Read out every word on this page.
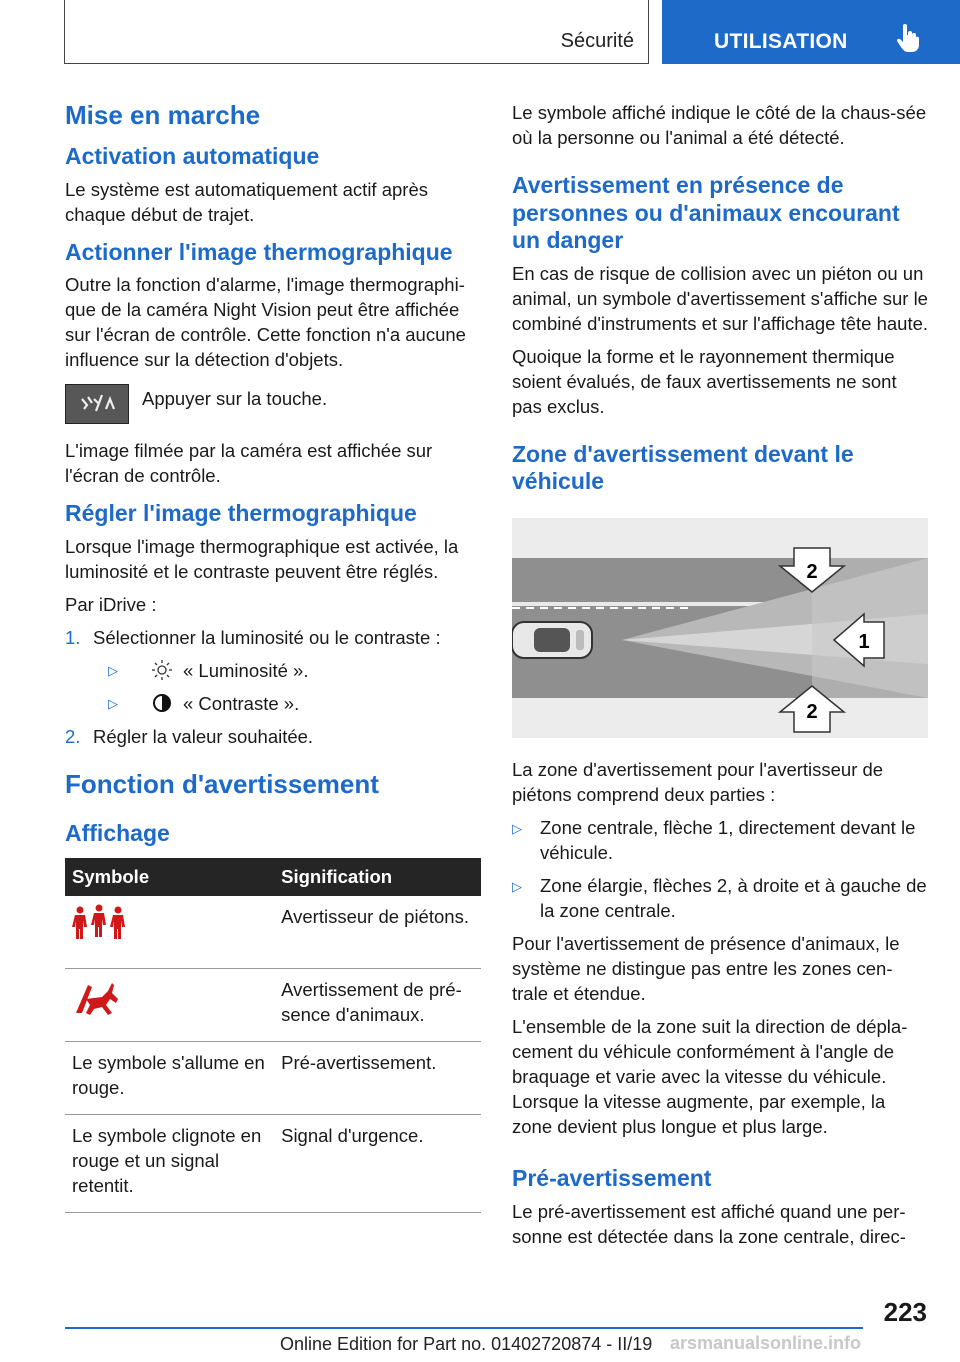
Sécurité	UTILISATION
Mise en marche
Activation automatique

Le système est automatiquement actif après chaque début de trajet.

Actionner l'image thermographique

Outre la fonction d'alarme, l'image thermographi-que de la caméra Night Vision peut être affichée sur l'écran de contrôle. Cette fonction n'a aucune influence sur la détection d'objets.

Appuyer sur la touche.

L'image filmée par la caméra est affichée sur l'écran de contrôle.

Régler l'image thermographique

Lorsque l'image thermographique est activée, la luminosité et le contraste peuvent être réglés.

Par iDrive :

1. Sélectionner la luminosité ou le contraste :
▷	« Luminosité ».
▷	« Contraste ».
2. Régler la valeur souhaitée.
Fonction d'avertissement
Affichage
Symbole	Signification
	Avertisseur de piétons.
	Avertissement de pré-sence d'animaux.
Le symbole s'allume en rouge.	Pré-avertissement.
Le symbole clignote en rouge et un signal retentit.	Signal d'urgence.

Le symbole affiché indique le côté de la chaus-sée où la personne ou l'animal a été détecté.

Avertissement en présence de personnes ou d'animaux encourant un danger

En cas de risque de collision avec un piéton ou un animal, un symbole d'avertissement s'affiche sur le combiné d'instruments et sur l'affichage tête haute.

Quoique la forme et le rayonnement thermique soient évalués, de faux avertissements ne sont pas exclus.

Zone d'avertissement devant le véhicule
2
1
2

La zone d'avertissement pour l'avertisseur de piétons comprend deux parties :

▷ Zone centrale, flèche 1, directement devant le véhicule.
▷ Zone élargie, flèches 2, à droite et à gauche de la zone centrale.

Pour l'avertissement de présence d'animaux, le système ne distingue pas entre les zones cen-trale et étendue.

L'ensemble de la zone suit la direction de dépla-cement du véhicule conformément à l'angle de braquage et varie avec la vitesse du véhicule. Lorsque la vitesse augmente, par exemple, la zone devient plus longue et plus large.

Pré-avertissement

Le pré-avertissement est affiché quand une per-sonne est détectée dans la zone centrale, direc-

223
Online Edition for Part no. 01402720874 - II/19 arsmanualsonline.info
